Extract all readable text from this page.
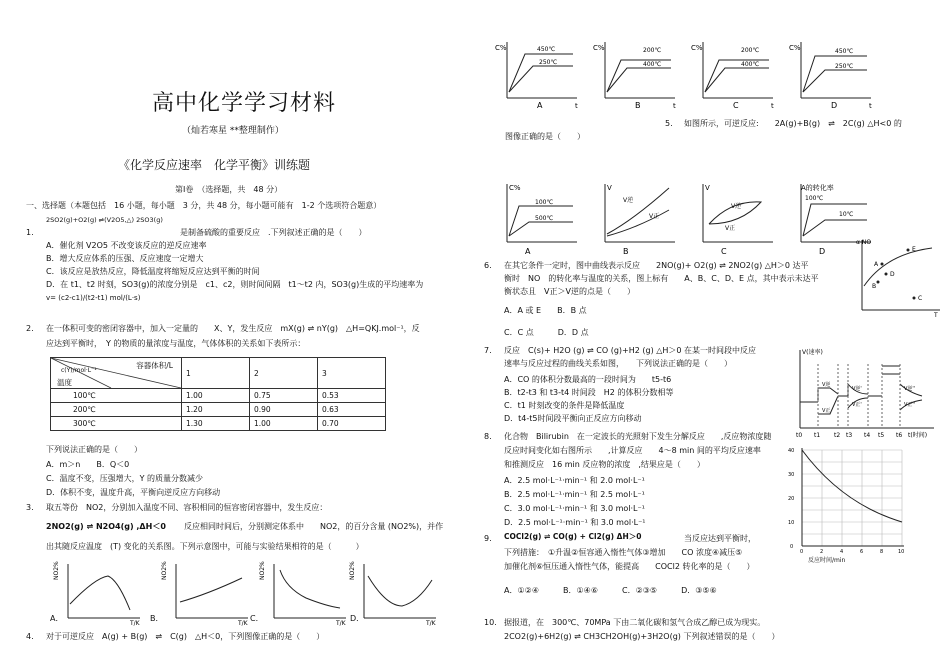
高中化学学习材料
（灿若寒星 **整理制作）
《化学反应速率　化学平衡》训练题
第Ⅰ卷　（选择题，共　48 分）
一、选择题（本题包括　16 小题，每小题　3 分，共 48 分，每小题可能有　1-2 个选项符合题意）
2SO2(g)+O2(g) ⇌(V2O5,△) 2SO3(g)
1.	是制备硫酸的重要反应　.下列叙述正确的是（　　）
A．催化剂 V2O5 不改变该反应的逆反应速率
B．增大反应体系的压强、反应速度一定增大
C．该反应是放热反应，降低温度将缩短反应达到平衡的时间
D．在 t1、t2 时刻，SO3(g)的浓度分别是　c1、c2，则时间间隔　t1～t2 内，SO3(g)生成的平均速率为
v= (c2-c1)/(t2-t1) mol/(L·s)
2. 在一体积可变的密闭容器中，加入一定量的　　X、Y，发生反应　mX(g) ⇌ nY(g)　△H=QKJ.mol⁻¹，反
应达到平衡时，　Y 的物质的量浓度与温度，气体体积的关系如下表所示：
容器体积/L
c(Y)/mol·L⁻¹
温度	1	2	3
100℃	1.00	0.75	0.53
200℃	1.20	0.90	0.63
300℃	1.30	1.00	0.70
下列说法正确的是（　　）
A．m＞n　　B．Q＜0
C．温度不变，压强增大，Y 的质量分数减少
D．体积不变，温度升高，平衡向逆反应方向移动
3. 取五等份　NO2，分别加入温度不同、容积相同的恒容密闭容器中，发生反应：
2NO2(g) ⇌ N2O4(g) ,ΔH＜0 反应相同时间后，分别测定体系中　　NO2，的百分含量 (NO2%)，并作
出其随反应温度　(T) 变化的关系图。下列示意图中，可能与实验结果相符的是（　　　）
NO2%
T/K
NO2%
T/K
NO2%
T/K
NO2%
T/K
A．	B．	C．	D．
4. 对于可逆反应　A(g) + B(g)　⇌　C(g)　△H＜0，下列图像正确的是（　　）
C%	450℃
250℃
A	t
C%	200℃
400℃
B	t
C%	200℃
400℃
C	t
C%	450℃
250℃
D	t
5. 如图所示，可逆反应:　　2A(g)+B(g)　⇌　2C(g) △H<0 的
图像正确的是（　　）
C%
100℃
500℃
A
V
V逆
V正
B
V
V逆
V正
C
A的转化率
100℃
10℃
D
6. 在其它条件一定时，图中曲线表示反应　　2NO(g)+ O2(g) ⇌ 2NO2(g) △H＞0 达平
衡时　NO　的转化率与温度的关系，图上标有　　A、B、C、D、E 点，其中表示未达平
衡状态且　V正＞V逆的点是（　　）
A．A 或 E　　B．B 点
C．C 点　　　D．D 点
α NO
T
E
A
D
B
C
7. 反应　C(s)+ H2O (g) ⇌ CO (g)+H2 (g) △H＞0 在某一时间段中反应
速率与反应过程的曲线关系如图，　　下列说法正确的是（　　）
A．CO 的体积分数最高的一段时间为　　t5-t6
B．t2-t3 和 t3-t4 时间段　H2 的体积分数相等
C．t1 时刻改变的条件是降低温度
D．t4-t5时间段平衡向正反应方向移动
V(速率)
V逆
V正
V逆'
V正'
V逆''
V正''
t0 t1 t2 t3 t4 t5 t6 t(时间)
8. 化合物　Bilirubin　在一定波长的光照射下发生分解反应　　,反应物浓度随
反应时间变化如右图所示　　,计算反应　　4～8 min 间的平均反应速率
和推测反应　16 min 反应物的浓度　,结果应是（　　）
A．2.5 mol·L⁻¹·min⁻¹ 和 2.0 mol·L⁻¹
B．2.5 mol·L⁻¹·min⁻¹ 和 2.5 mol·L⁻¹
C．3.0 mol·L⁻¹·min⁻¹ 和 3.0 mol·L⁻¹
D．2.5 mol·L⁻¹·min⁻¹ 和 3.0 mol·L⁻¹
40
30
20
10
0
0	2	4	6	8	10
反应时间/min
9. COCl2(g) ⇌ CO(g) + Cl2(g) ΔH＞0	当反应达到平衡时，
下列措施：　①升温②恒容通入惰性气体③增加　　CO 浓度④减压⑤
加催化剂⑥恒压通入惰性气体，能提高　　COCl2 转化率的是（　　）
A．①②④　　　B．①④⑥　　　C．②③⑤　　　D．③⑤⑥
10. 据报道，在　300℃、70MPa 下由二氧化碳和氢气合成乙醇已成为现实。
2CO2(g)+6H2(g) ⇌ CH3CH2OH(g)+3H2O(g) 下列叙述错误的是（　　）
